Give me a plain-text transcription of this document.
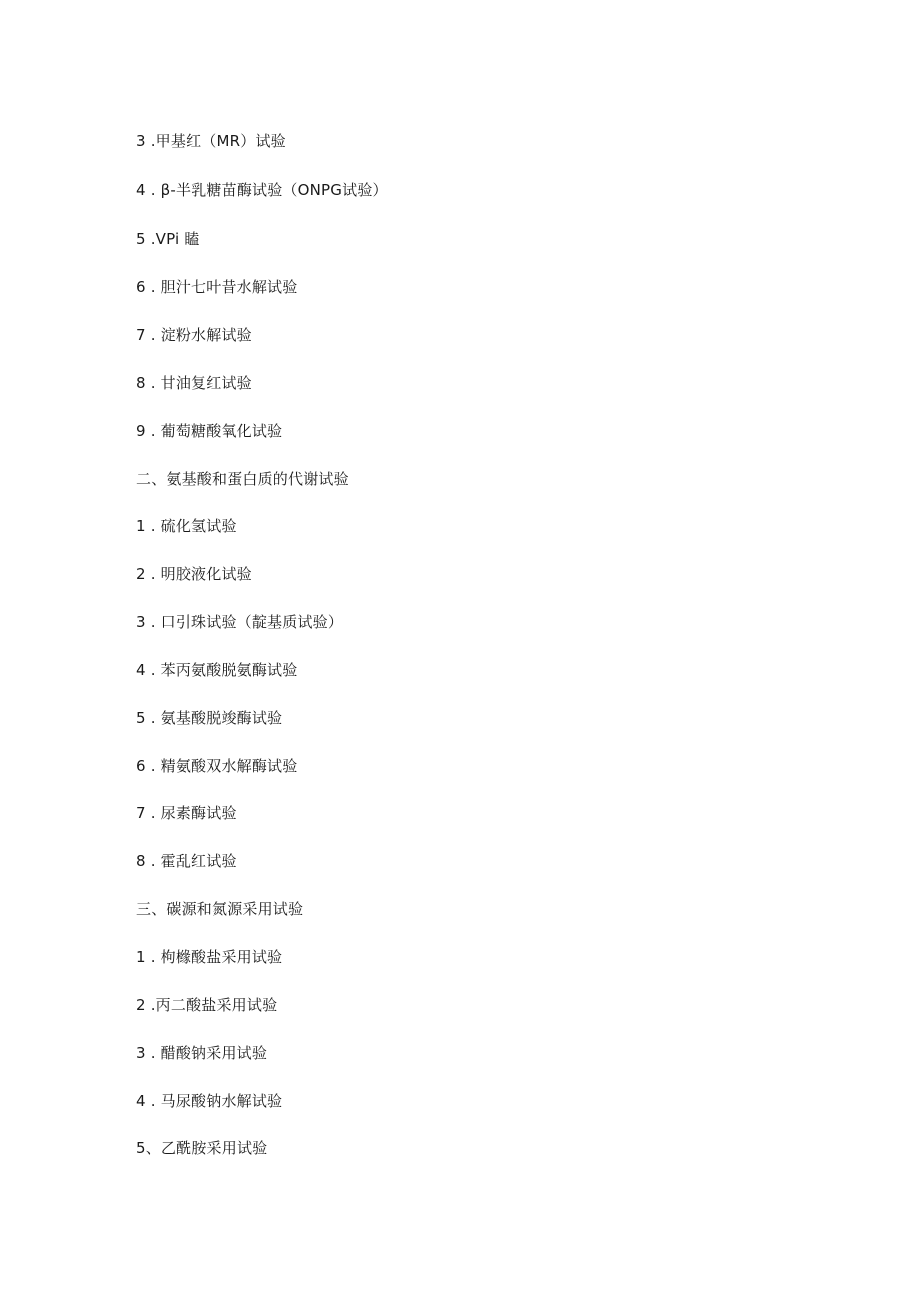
3 .甲基红（MR）试验
4 . β-半乳糖苗酶试验（ONPG试验）
5 .VPi 瞌
6 . 胆汁七叶昔水解试验
7 . 淀粉水解试验
8 . 甘油复红试验
9 . 葡萄糖酸氧化试验
二、氨基酸和蛋白质的代谢试验
1 . 硫化氢试验
2 . 明胶液化试验
3 . 口引珠试验（靛基质试验）
4 . 苯丙氨酸脱氨酶试验
5 . 氨基酸脱竣酶试验
6 . 精氨酸双水解酶试验
7 . 尿素酶试验
8 . 霍乱红试验
三、碳源和氮源采用试验
1 . 枸橼酸盐采用试验
2 .丙二酸盐采用试验
3 . 醋酸钠采用试验
4 . 马尿酸钠水解试验
5、乙酰胺采用试验
